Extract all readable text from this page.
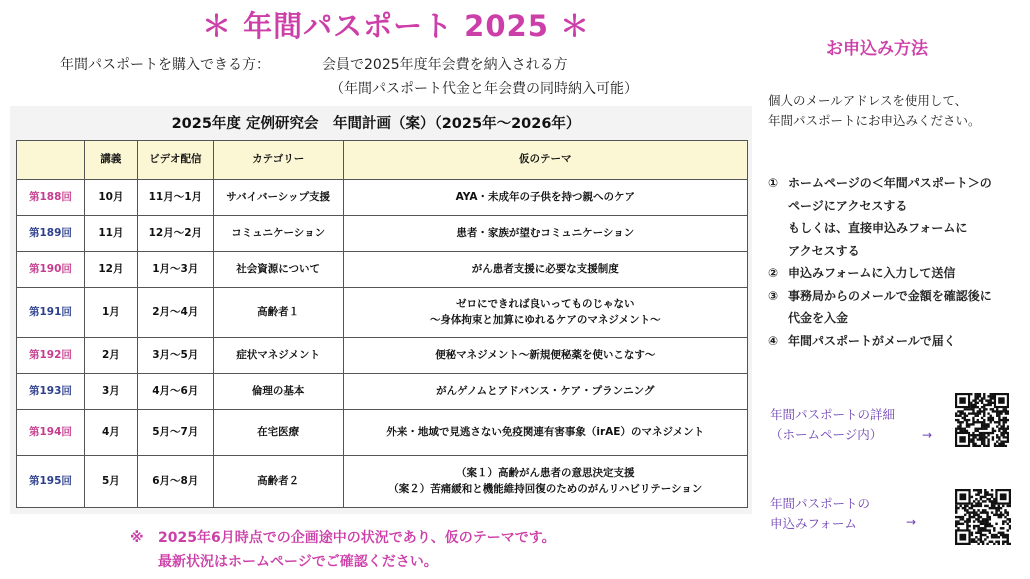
＊ 年間パスポート 2025 ＊
年間パスポートを購入できる方：	会員で2025年度年会費を納入される方
（年間パスポート代金と年会費の同時納入可能）
2025年度 定例研究会　年間計画（案）（2025年～2026年）
	講義	ビデオ配信	カテゴリー	仮のテーマ
第188回	10月	11月～1月	サバイバーシップ支援	AYA・未成年の子供を持つ親へのケア

第189回	11月	12月～2月	コミュニケーション	患者・家族が望むコミュニケーション

第190回	12月	1月～3月	社会資源について	がん患者支援に必要な支援制度

第191回	1月	2月～4月	高齢者１	ゼロにできれば良いってものじゃない
～身体拘束と加算にゆれるケアのマネジメント～

第192回	2月	3月～5月	症状マネジメント	便秘マネジメント～新規便秘薬を使いこなす～

第193回	3月	4月～6月	倫理の基本	がんゲノムとアドバンス・ケア・プランニング

第194回	4月	5月～7月	在宅医療	外来・地域で見逃さない免疫関連有害事象（irAE）のマネジメント

第195回	5月	6月～8月	高齢者２	（案１）高齢がん患者の意思決定支援
（案２）苦痛緩和と機能維持回復のためのがんリハビリテーション
※ 2025年6月時点での企画途中の状況であり、仮のテーマです。
最新状況はホームページでご確認ください。
お申込み方法
個人のメールアドレスを使用して、
年間パスポートにお申込みください。
① ホームページの＜年間パスポート＞の
ページにアクセスする
もしくは、直接申込みフォームに
アクセスする
② 申込みフォームに入力して送信
③ 事務局からのメールで金額を確認後に
代金を入金
④ 年間パスポートがメールで届く
年間パスポートの詳細
（ホームページ内）	→
年間パスポートの
申込みフォーム	→
